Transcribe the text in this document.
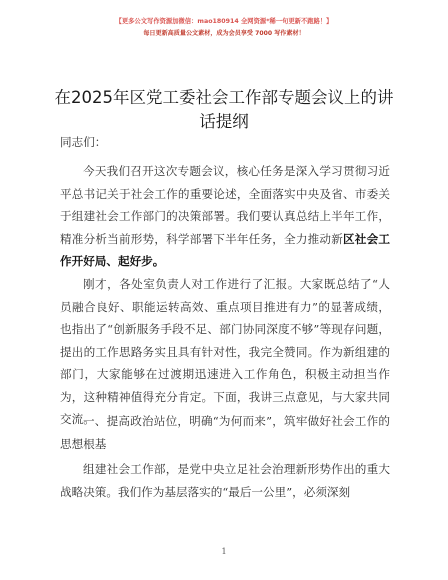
【更多公文写作资源加微信：mao180914 全网资源*稀一句更新不跑路！】
每日更新高质量公文素材，成为会员享受 7000 写作素材！
在2025年区党工委社会工作部专题会议上的讲话提纲
同志们：
今天我们召开这次专题会议，核心任务是深入学习贯彻习近平总书记关于社会工作的重要论述，全面落实中央及省、市委关于组建社会工作部门的决策部署。我们要认真总结上半年工作，精准分析当前形势，科学部署下半年任务，全力推动新区社会工作开好局、起好步。
刚才，各处室负责人对工作进行了汇报。大家既总结了“人员融合良好、职能运转高效、重点项目推进有力”的显著成绩，也指出了“创新服务手段不足、部门协同深度不够”等现存问题，提出的工作思路务实且具有针对性，我完全赞同。作为新组建的部门，大家能够在过渡期迅速进入工作角色，积极主动担当作为，这种精神值得充分肯定。下面，我讲三点意见，与大家共同交流。
一、提高政治站位，明确“为何而来”，筑牢做好社会工作的思想根基
组建社会工作部，是党中央立足社会治理新形势作出的重大战略决策。我们作为基层落实的“最后一公里”，必须深刻
1
